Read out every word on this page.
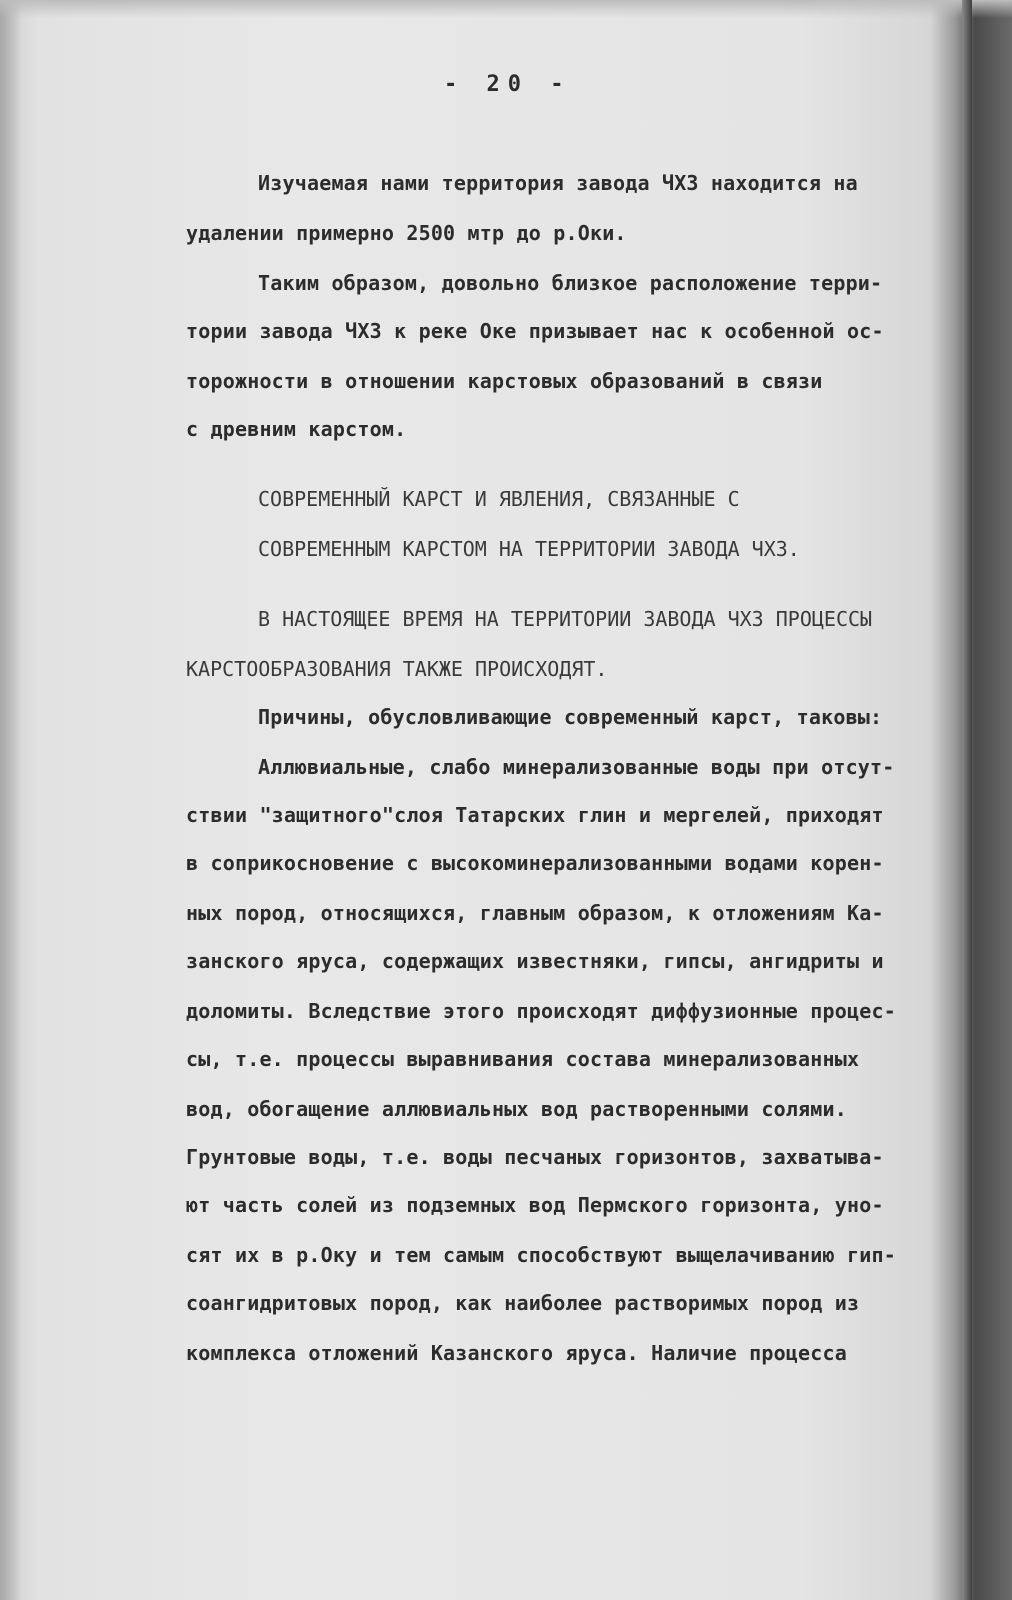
- 20 -
Изучаемая нами территория завода ЧХЗ находится на
удалении примерно 2500 мтр до р.Оки.
Таким образом, довольно близкое расположение терри-
тории завода ЧХЗ к реке Оке призывает нас к особенной ос-
торожности в отношении карстовых образований в связи
с древним карстом.
СОВРЕМЕННЫЙ КАРСТ И ЯВЛЕНИЯ, СВЯЗАННЫЕ С
СОВРЕМЕННЫМ КАРСТОМ НА ТЕРРИТОРИИ ЗАВОДА ЧХЗ.
В НАСТОЯЩЕЕ ВРЕМЯ НА ТЕРРИТОРИИ ЗАВОДА ЧХЗ ПРОЦЕССЫ
КАРСТООБРАЗОВАНИЯ ТАКЖЕ ПРОИСХОДЯТ.
Причины, обусловливающие современный карст, таковы:
Аллювиальные, слабо минерализованные воды при отсут-
ствии "защитного"слоя Татарских глин и мергелей, приходят
в соприкосновение с высокоминерализованными водами корен-
ных пород, относящихся, главным образом, к отложениям Ка-
занского яруса, содержащих известняки, гипсы, ангидриты и
доломиты. Вследствие этого происходят диффузионные процес-
сы, т.е. процессы выравнивания состава минерализованных
вод, обогащение аллювиальных вод растворенными солями.
Грунтовые воды, т.е. воды песчаных горизонтов, захватыва-
ют часть солей из подземных вод Пермского горизонта, уно-
сят их в р.Оку и тем самым способствуют выщелачиванию гип-
соангидритовых пород, как наиболее растворимых пород из
комплекса отложений Казанского яруса. Наличие процесса
